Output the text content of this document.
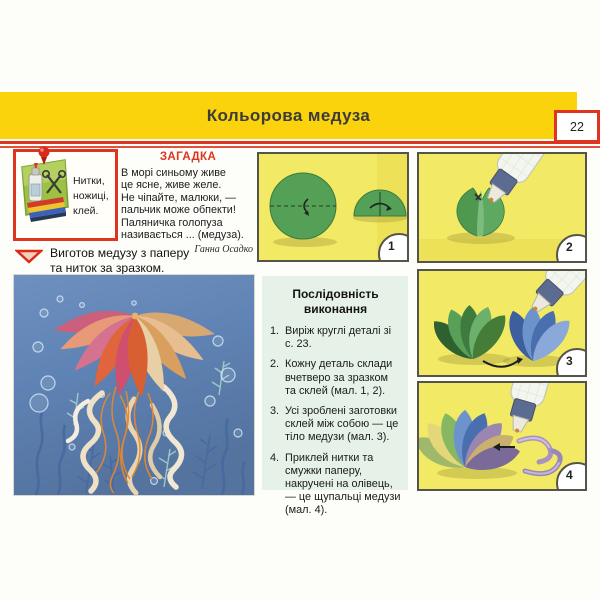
Кольорова медуза
22
Нитки,
ножиці,
клей.
ЗАГАДКА
В морі синьому живе
це ясне, живе желе.
Не чіпайте, малюки, —
пальчик може обпекти!
Паляничка голопуза
називається ... (медуза).
Ганна Осадко
Виготов медузу з паперу
та ниток за зразком.
Послідовність
виконання
1. Виріж круглі деталі зі с. 23.
2. Кожну деталь склади вчетверо за зразком та склей (мал. 1, 2).
3. Усі зроблені заготовки склей між собою — це тіло медузи (мал. 3).
4. Приклей нитки та смужки паперу, накручені на олівець, — це щупальці медузи (мал. 4).
1	2
3
4
